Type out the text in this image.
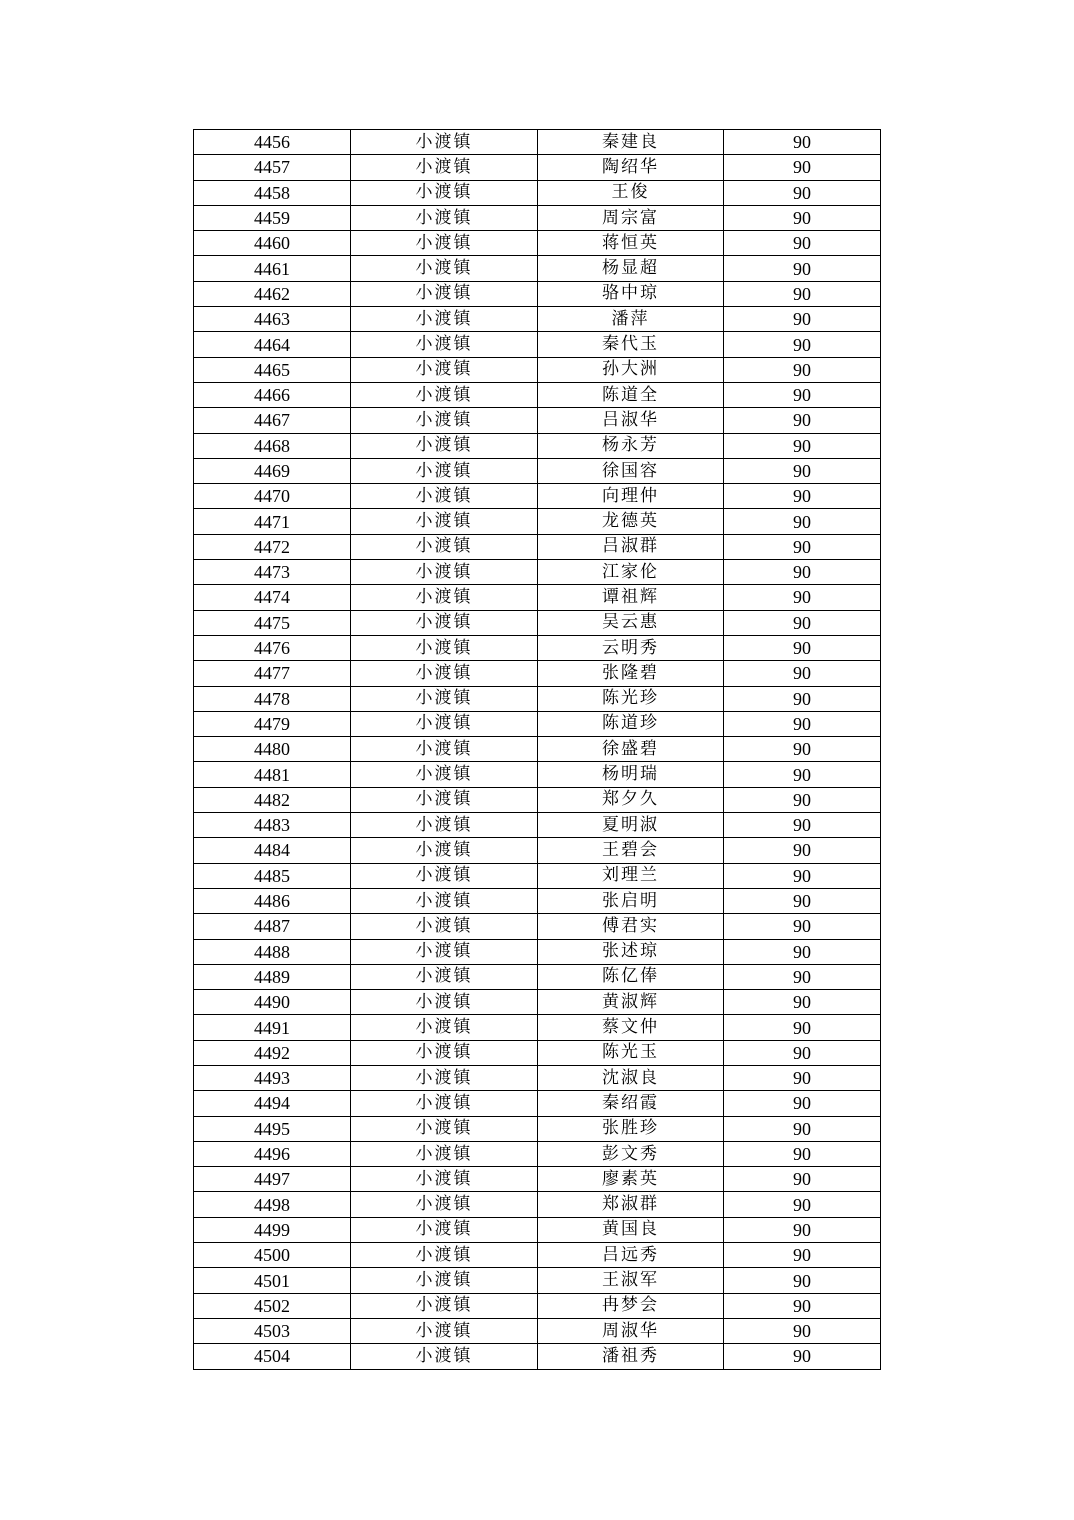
4456	小渡镇	秦建良	90
4457	小渡镇	陶绍华	90
4458	小渡镇	王俊	90
4459	小渡镇	周宗富	90
4460	小渡镇	蒋恒英	90
4461	小渡镇	杨显超	90
4462	小渡镇	骆中琼	90
4463	小渡镇	潘萍	90
4464	小渡镇	秦代玉	90
4465	小渡镇	孙大洲	90
4466	小渡镇	陈道全	90
4467	小渡镇	吕淑华	90
4468	小渡镇	杨永芳	90
4469	小渡镇	徐国容	90
4470	小渡镇	向理仲	90
4471	小渡镇	龙德英	90
4472	小渡镇	吕淑群	90
4473	小渡镇	江家伦	90
4474	小渡镇	谭祖辉	90
4475	小渡镇	吴云惠	90
4476	小渡镇	云明秀	90
4477	小渡镇	张隆碧	90
4478	小渡镇	陈光珍	90
4479	小渡镇	陈道珍	90
4480	小渡镇	徐盛碧	90
4481	小渡镇	杨明瑞	90
4482	小渡镇	郑夕久	90
4483	小渡镇	夏明淑	90
4484	小渡镇	王碧会	90
4485	小渡镇	刘理兰	90
4486	小渡镇	张启明	90
4487	小渡镇	傅君实	90
4488	小渡镇	张述琼	90
4489	小渡镇	陈亿俸	90
4490	小渡镇	黄淑辉	90
4491	小渡镇	蔡文仲	90
4492	小渡镇	陈光玉	90
4493	小渡镇	沈淑良	90
4494	小渡镇	秦绍霞	90
4495	小渡镇	张胜珍	90
4496	小渡镇	彭文秀	90
4497	小渡镇	廖素英	90
4498	小渡镇	郑淑群	90
4499	小渡镇	黄国良	90
4500	小渡镇	吕远秀	90
4501	小渡镇	王淑军	90
4502	小渡镇	冉梦会	90
4503	小渡镇	周淑华	90
4504	小渡镇	潘祖秀	90
